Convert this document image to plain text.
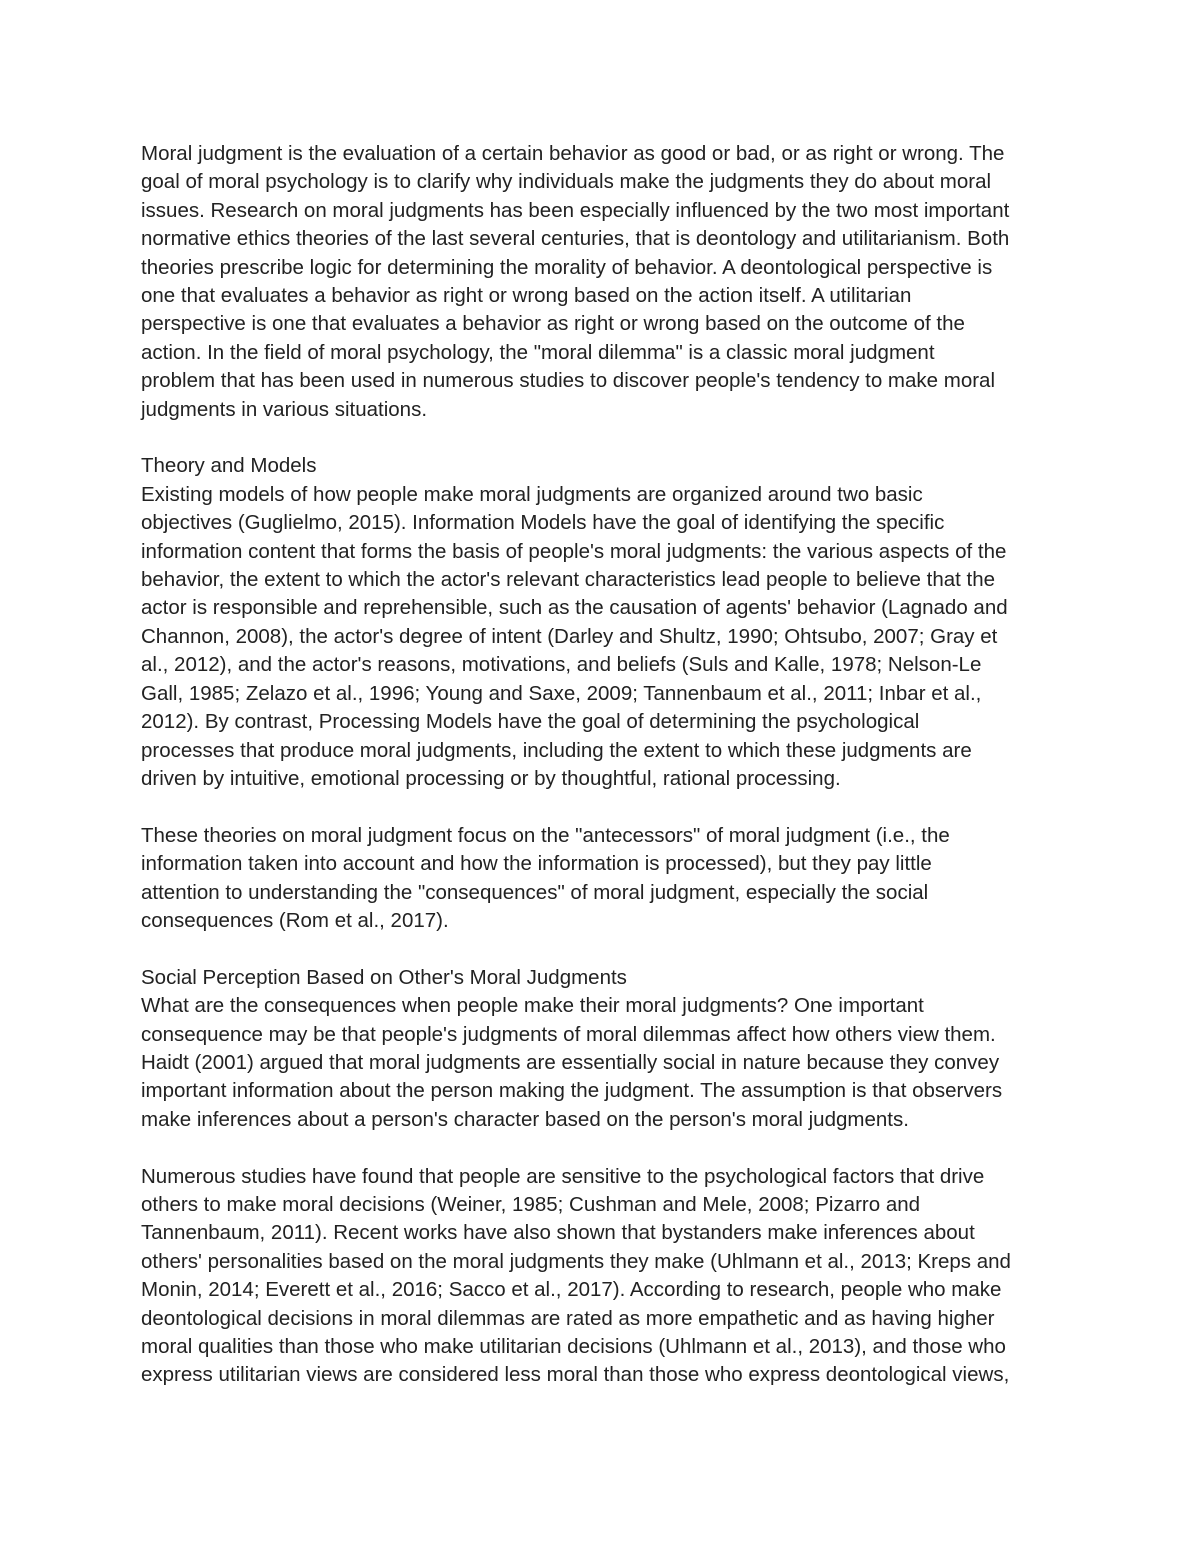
Moral judgment is the evaluation of a certain behavior as good or bad, or as right or wrong. The
goal of moral psychology is to clarify why individuals make the judgments they do about moral
issues. Research on moral judgments has been especially influenced by the two most important
normative ethics theories of the last several centuries, that is deontology and utilitarianism. Both
theories prescribe logic for determining the morality of behavior. A deontological perspective is
one that evaluates a behavior as right or wrong based on the action itself. A utilitarian
perspective is one that evaluates a behavior as right or wrong based on the outcome of the
action. In the field of moral psychology, the "moral dilemma" is a classic moral judgment
problem that has been used in numerous studies to discover people's tendency to make moral
judgments in various situations.
Theory and Models
Existing models of how people make moral judgments are organized around two basic
objectives (Guglielmo, 2015). Information Models have the goal of identifying the specific
information content that forms the basis of people's moral judgments: the various aspects of the
behavior, the extent to which the actor's relevant characteristics lead people to believe that the
actor is responsible and reprehensible, such as the causation of agents' behavior (Lagnado and
Channon, 2008), the actor's degree of intent (Darley and Shultz, 1990; Ohtsubo, 2007; Gray et
al., 2012), and the actor's reasons, motivations, and beliefs (Suls and Kalle, 1978; Nelson-Le
Gall, 1985; Zelazo et al., 1996; Young and Saxe, 2009; Tannenbaum et al., 2011; Inbar et al.,
2012). By contrast, Processing Models have the goal of determining the psychological
processes that produce moral judgments, including the extent to which these judgments are
driven by intuitive, emotional processing or by thoughtful, rational processing.
These theories on moral judgment focus on the "antecessors" of moral judgment (i.e., the
information taken into account and how the information is processed), but they pay little
attention to understanding the "consequences" of moral judgment, especially the social
consequences (Rom et al., 2017).
Social Perception Based on Other's Moral Judgments
What are the consequences when people make their moral judgments? One important
consequence may be that people's judgments of moral dilemmas affect how others view them.
Haidt (2001) argued that moral judgments are essentially social in nature because they convey
important information about the person making the judgment. The assumption is that observers
make inferences about a person's character based on the person's moral judgments.
Numerous studies have found that people are sensitive to the psychological factors that drive
others to make moral decisions (Weiner, 1985; Cushman and Mele, 2008; Pizarro and
Tannenbaum, 2011). Recent works have also shown that bystanders make inferences about
others' personalities based on the moral judgments they make (Uhlmann et al., 2013; Kreps and
Monin, 2014; Everett et al., 2016; Sacco et al., 2017). According to research, people who make
deontological decisions in moral dilemmas are rated as more empathetic and as having higher
moral qualities than those who make utilitarian decisions (Uhlmann et al., 2013), and those who
express utilitarian views are considered less moral than those who express deontological views,
